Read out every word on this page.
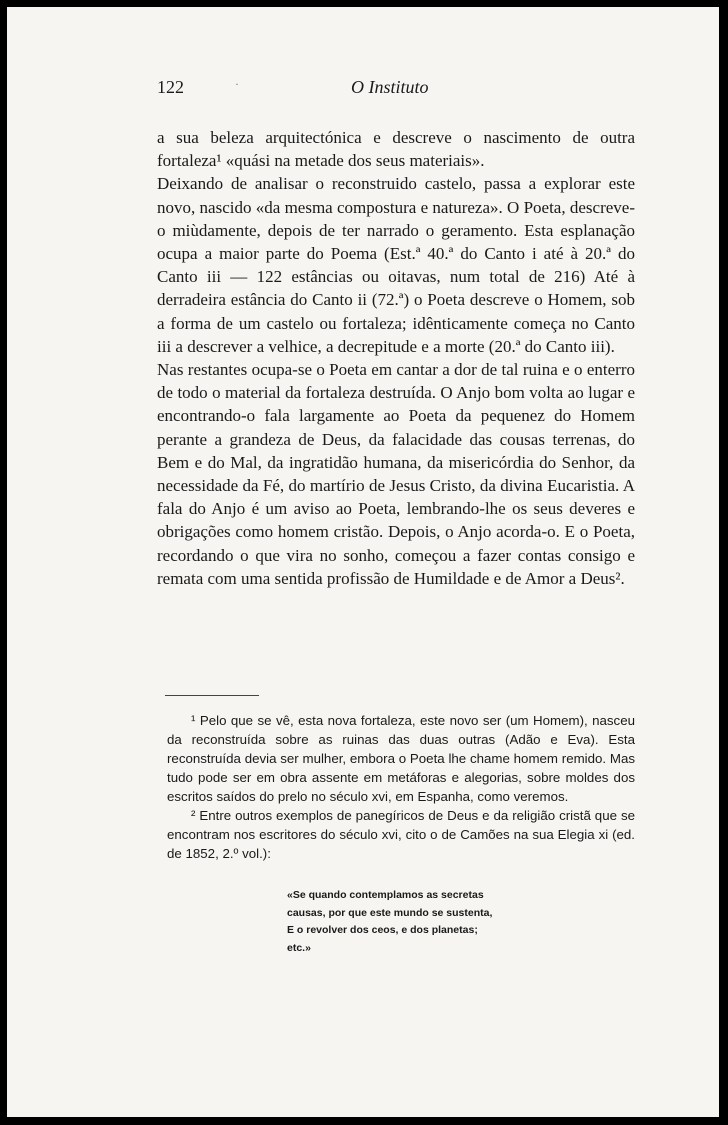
122	·	O Instituto

a sua beleza arquitectónica e descreve o nascimento de outra fortaleza¹ «quási na metade dos seus materiais».

Deixando de analisar o reconstruido castelo, passa a explorar este novo, nascido «da mesma compostura e natureza». O Poeta, descreve-o miùdamente, depois de ter narrado o geramento. Esta esplanação ocupa a maior parte do Poema (Est.ª 40.ª do Canto i até à 20.ª do Canto iii — 122 estâncias ou oitavas, num total de 216) Até à derradeira estância do Canto ii (72.ª) o Poeta descreve o Homem, sob a forma de um castelo ou fortaleza; idênticamente começa no Canto iii a descrever a velhice, a decrepitude e a morte (20.ª do Canto iii).

Nas restantes ocupa-se o Poeta em cantar a dor de tal ruina e o enterro de todo o material da fortaleza destruída. O Anjo bom volta ao lugar e encontrando-o fala largamente ao Poeta da pequenez do Homem perante a grandeza de Deus, da falacidade das cousas terrenas, do Bem e do Mal, da ingratidão humana, da misericórdia do Senhor, da necessidade da Fé, do martírio de Jesus Cristo, da divina Eucaristia. A fala do Anjo é um aviso ao Poeta, lembrando-lhe os seus deveres e obrigações como homem cristão. Depois, o Anjo acorda-o. E o Poeta, recordando o que vira no sonho, começou a fazer contas consigo e remata com uma sentida profissão de Humildade e de Amor a Deus².

¹ Pelo que se vê, esta nova fortaleza, este novo ser (um Homem), nasceu da reconstruída sobre as ruinas das duas outras (Adão e Eva). Esta reconstruída devia ser mulher, embora o Poeta lhe chame homem remido. Mas tudo pode ser em obra assente em metáforas e alegorias, sobre moldes dos escritos saídos do prelo no século xvi, em Espanha, como veremos.

² Entre outros exemplos de panegíricos de Deus e da religião cristã que se encontram nos escritores do século xvi, cito o de Camões na sua Elegia xi (ed. de 1852, 2.º vol.):

«Se quando contemplamos as secretas
causas, por que este mundo se sustenta,
E o revolver dos ceos, e dos planetas;
etc.»
